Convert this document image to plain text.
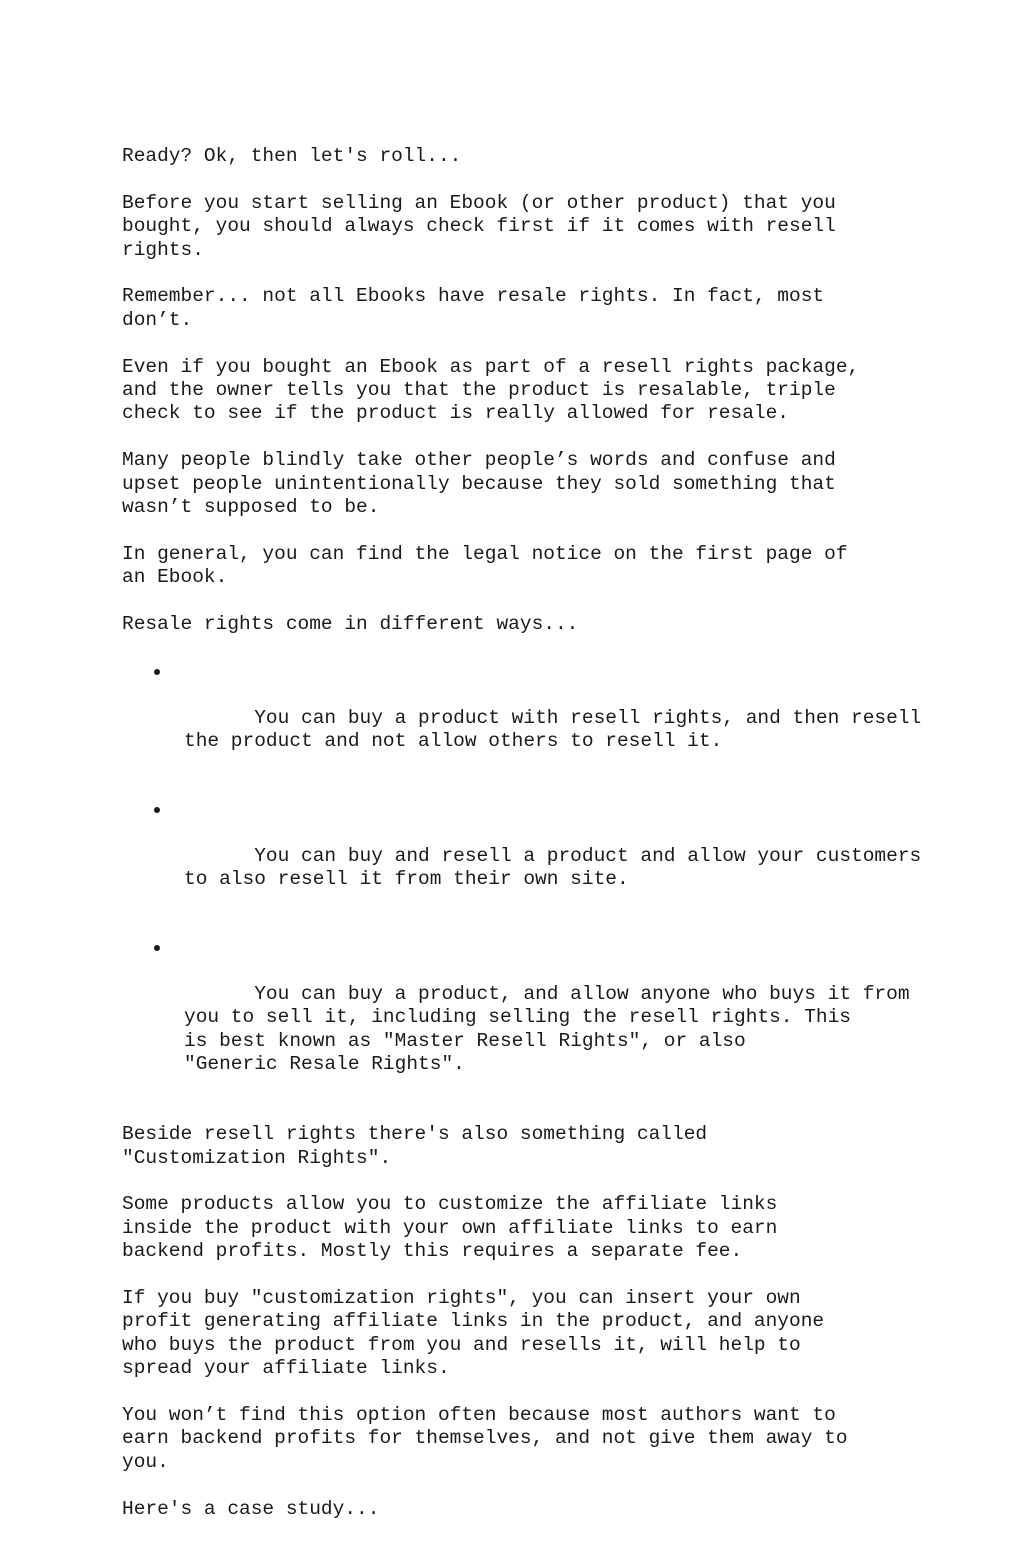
Ready? Ok, then let's roll...

Before you start selling an Ebook (or other product) that you
bought, you should always check first if it comes with resell
rights.

Remember... not all Ebooks have resale rights. In fact, most
don’t.

Even if you bought an Ebook as part of a resell rights package,
and the owner tells you that the product is resalable, triple
check to see if the product is really allowed for resale.

Many people blindly take other people’s words and confuse and
upset people unintentionally because they sold something that
wasn’t supposed to be.

In general, you can find the legal notice on the first page of
an Ebook.

Resale rights come in different ways...

You can buy a product with resell rights, and then resell
the product and not allow others to resell it.

You can buy and resell a product and allow your customers
to also resell it from their own site.

You can buy a product, and allow anyone who buys it from
you to sell it, including selling the resell rights. This
is best known as "Master Resell Rights", or also
"Generic Resale Rights".

Beside resell rights there's also something called
"Customization Rights".

Some products allow you to customize the affiliate links
inside the product with your own affiliate links to earn
backend profits. Mostly this requires a separate fee.

If you buy "customization rights", you can insert your own
profit generating affiliate links in the product, and anyone
who buys the product from you and resells it, will help to
spread your affiliate links.

You won’t find this option often because most authors want to
earn backend profits for themselves, and not give them away to
you.

Here's a case study...
